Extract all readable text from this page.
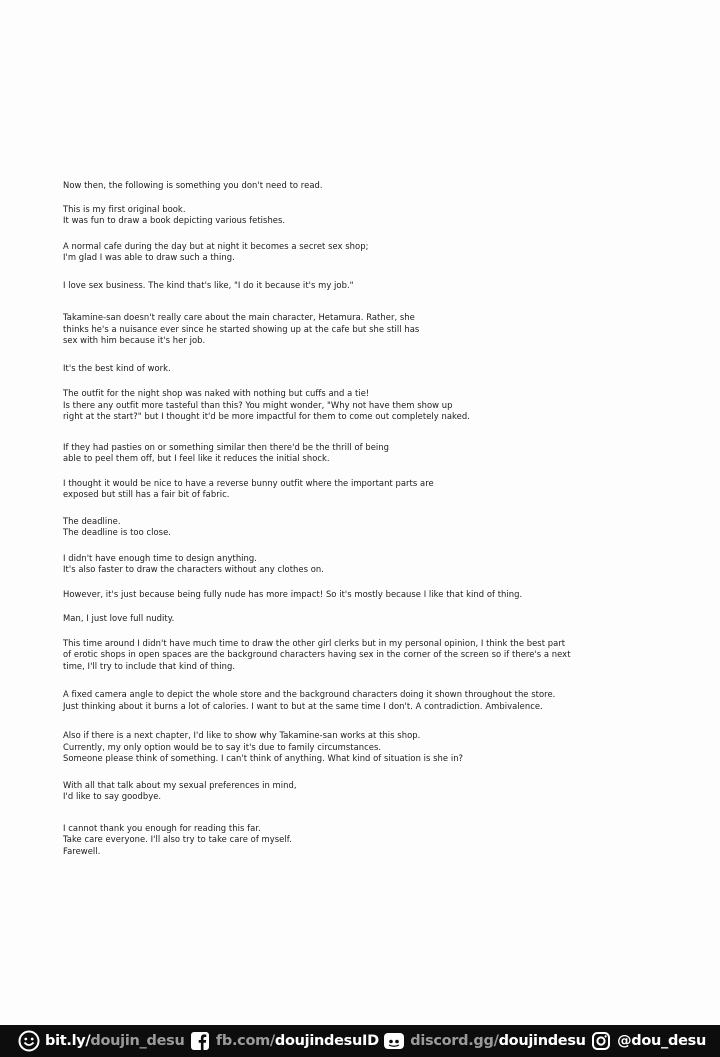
Now then, the following is something you don't need to read.

This is my first original book.
It was fun to draw a book depicting various fetishes.

A normal cafe during the day but at night it becomes a secret sex shop;
I'm glad I was able to draw such a thing.

I love sex business. The kind that's like, "I do it because it's my job."

Takamine-san doesn't really care about the main character, Hetamura. Rather, she
thinks he's a nuisance ever since he started showing up at the cafe but she still has
sex with him because it's her job.

It's the best kind of work.

The outfit for the night shop was naked with nothing but cuffs and a tie!
Is there any outfit more tasteful than this? You might wonder, "Why not have them show up
right at the start?" but I thought it'd be more impactful for them to come out completely naked.

If they had pasties on or something similar then there'd be the thrill of being
able to peel them off, but I feel like it reduces the initial shock.

I thought it would be nice to have a reverse bunny outfit where the important parts are
exposed but still has a fair bit of fabric.

The deadline.
The deadline is too close.

I didn't have enough time to design anything.
It's also faster to draw the characters without any clothes on.

However, it's just because being fully nude has more impact! So it's mostly because I like that kind of thing.

Man, I just love full nudity.

This time around I didn't have much time to draw the other girl clerks but in my personal opinion, I think the best part
of erotic shops in open spaces are the background characters having sex in the corner of the screen so if there's a next
time, I'll try to include that kind of thing.

A fixed camera angle to depict the whole store and the background characters doing it shown throughout the store.
Just thinking about it burns a lot of calories. I want to but at the same time I don't. A contradiction. Ambivalence.

Also if there is a next chapter, I'd like to show why Takamine-san works at this shop.
Currently, my only option would be to say it's due to family circumstances.
Someone please think of something. I can't think of anything. What kind of situation is she in?

With all that talk about my sexual preferences in mind,
I'd like to say goodbye.

I cannot thank you enough for reading this far.
Take care everyone. I'll also try to take care of myself.
Farewell.

bit.ly/doujin_desu fb.com/doujindesuID discord.gg/doujindesu @dou_desu
